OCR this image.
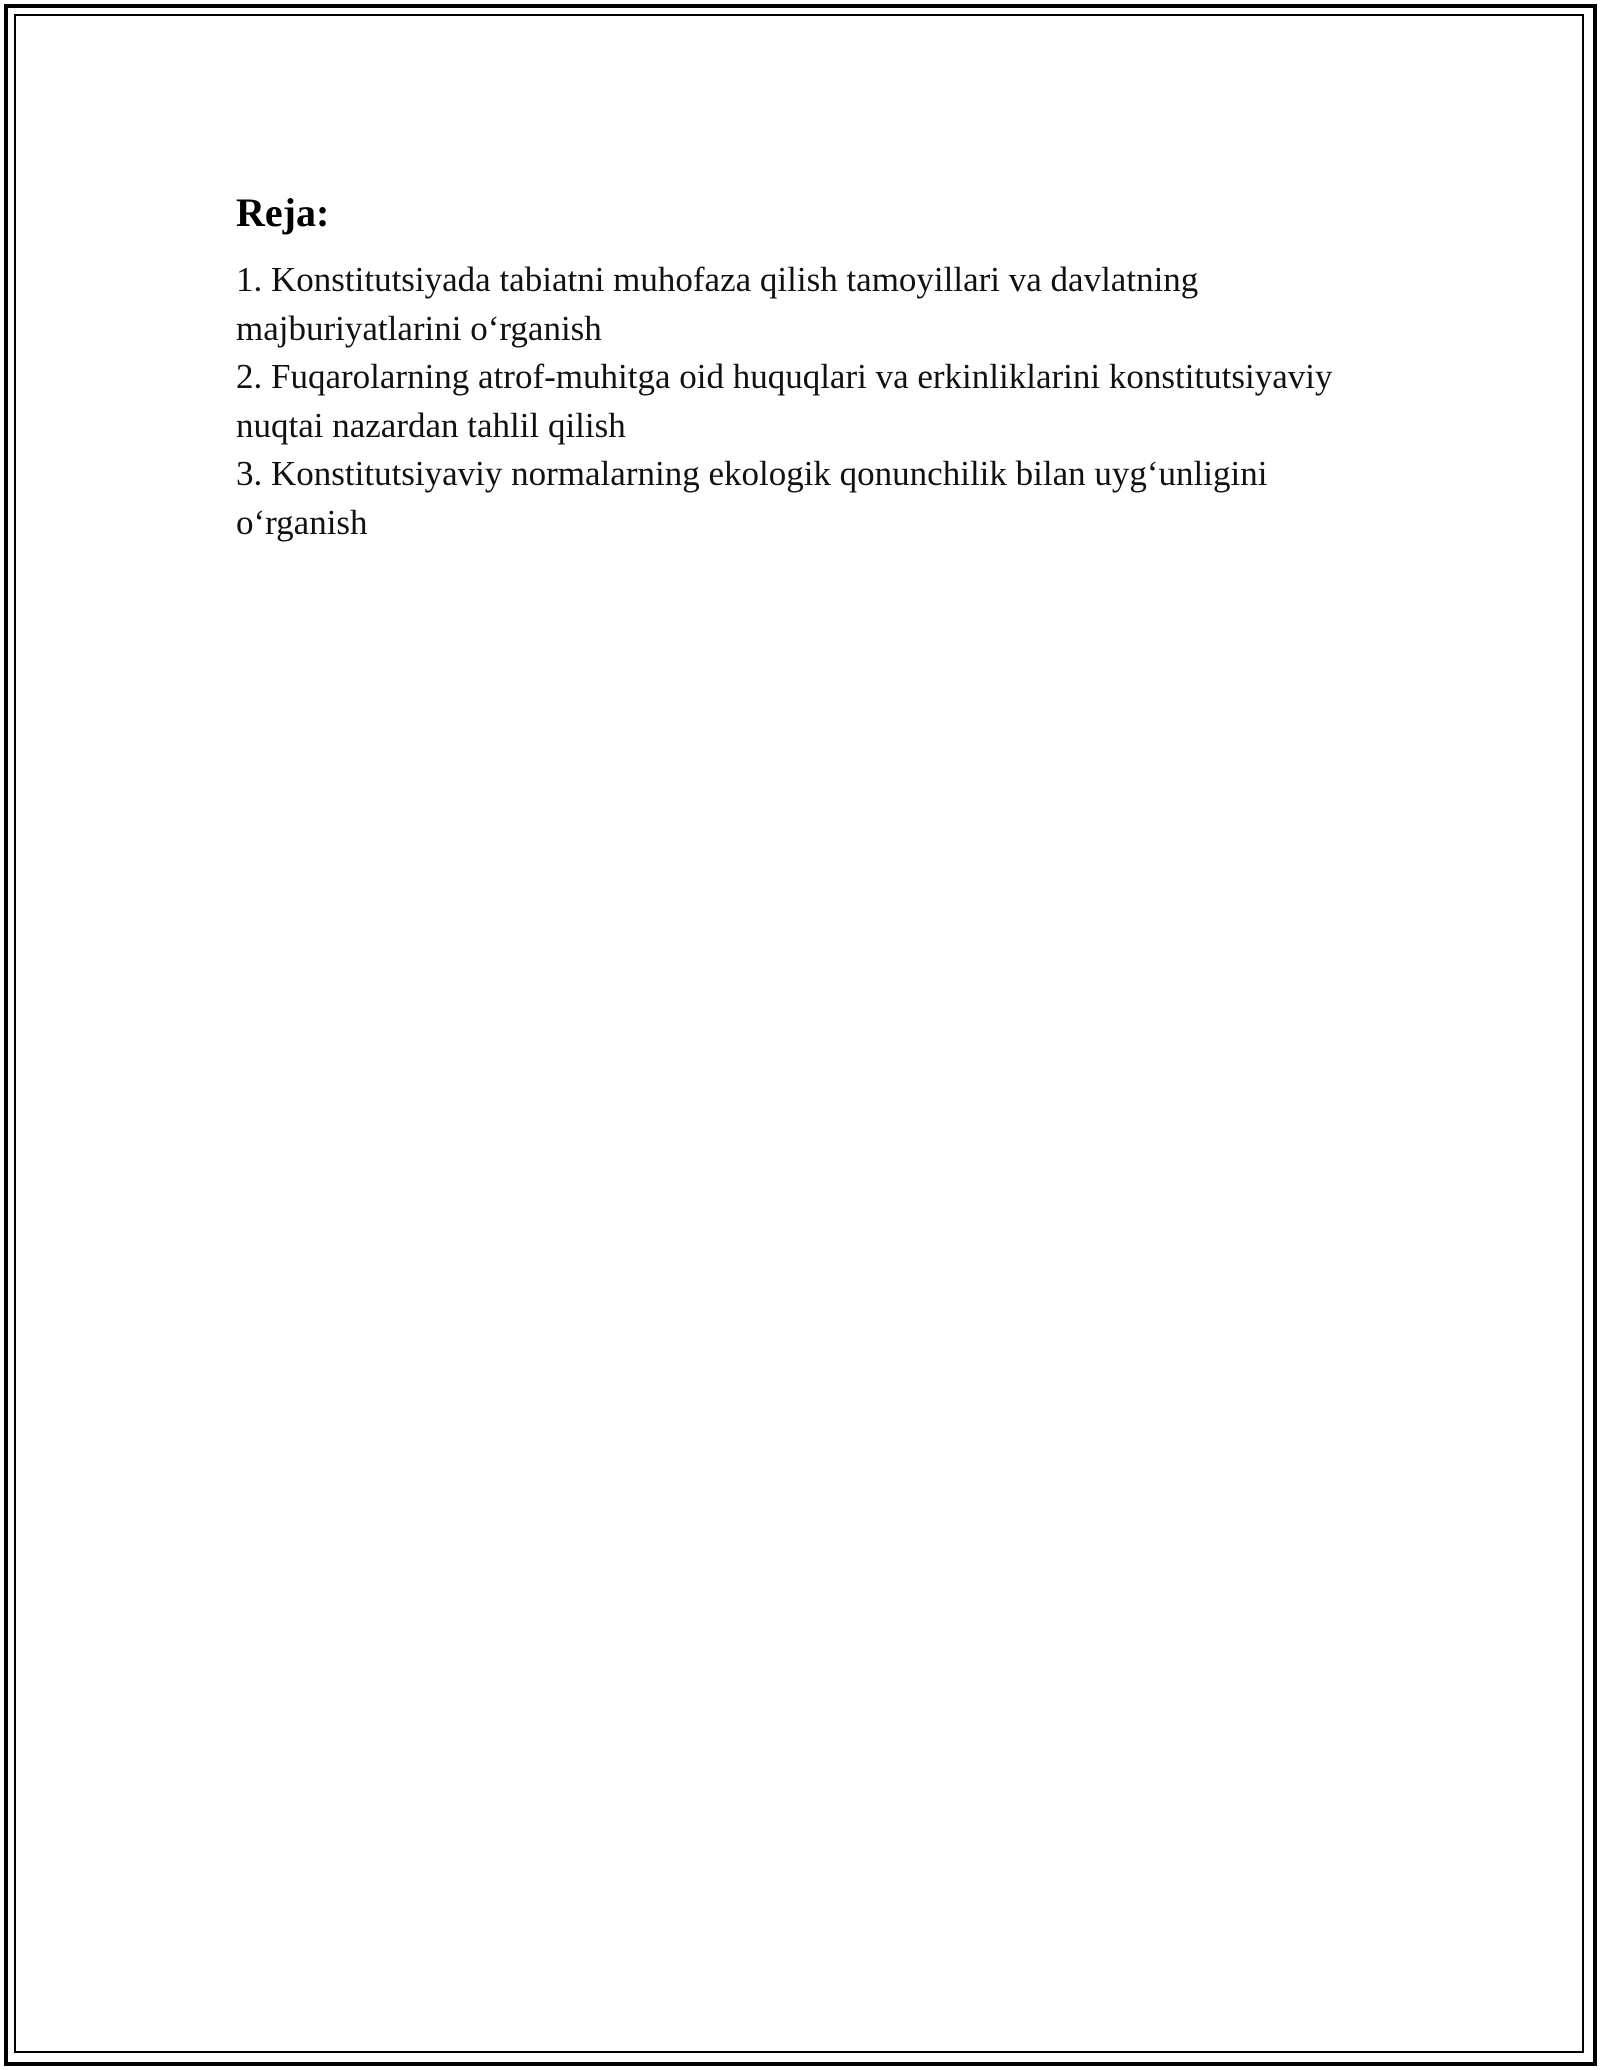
Reja:

1. Konstitutsiyada tabiatni muhofaza qilish tamoyillari va davlatning majburiyatlarini o‘rganish

2. Fuqarolarning atrof-muhitga oid huquqlari va erkinliklarini konstitutsiyaviy nuqtai nazardan tahlil qilish

3. Konstitutsiyaviy normalarning ekologik qonunchilik bilan uyg‘unligini o‘rganish
